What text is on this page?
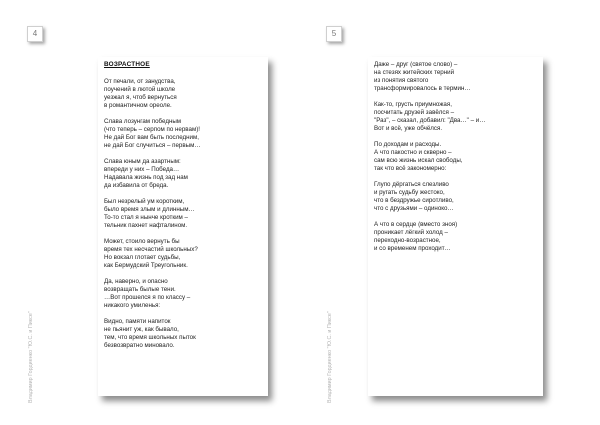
4	5
Владимир Гордиенко "Ю.С. и Пиксе"	Владимир Гордиенко "Ю.С. и Пиксе"
ВОЗРАСТНОЕ
От печали, от занудства,
поучений в лютой школе
уезжал я, чтоб вернуться
в романтичном ореоле.
Слава лозунгам победным
(что теперь – серпом по нервам)!
Не дай Бог вам быть последним,
не дай Бог случиться – первым…
Слава юным да азартным:
впереди у них – Победа…
Надавала жизнь под зад нам
да избавила от бреда.
Был незрелый ум коротким,
было время злым и длинным…
То-то стал я нынче кротким –
тельник пахнет нафталином.
Может, стоило вернуть бы
время тех несчастий школьных?
Но вокзал глотает судьбы,
как Бермудский Треугольник.
Да, наверно, и опасно
возвращать былые тени.
…Вот прошелся я по классу –
никакого умиленья:
Видно, памяти напиток
не пьянит уж, как бывало,
тем, что время школьных пыток
безвозвратно миновало.
Даже – друг (святое слово) –
на стезях житейских терний
из понятия святого
трансформировалось в термин…
Как-то, грусть приумножая,
посчитать друзей завёлся –
"Раз", – сказал, добавил: "Два…" – и…
Вот и всё, уже обчёлся.
По доходам и расходы.
А что пакостно и скверно –
сам всю жизнь искал свободы,
так что всё закономерно:
Глупо дёргаться слезливо
и ругать судьбу жестоко,
что в бездружье сиротливо,
что с друзьями – одиноко…
А что в сердце (вместо зноя)
проникает лёгкий холод –
переходно-возрастное,
и со временем проходит…
